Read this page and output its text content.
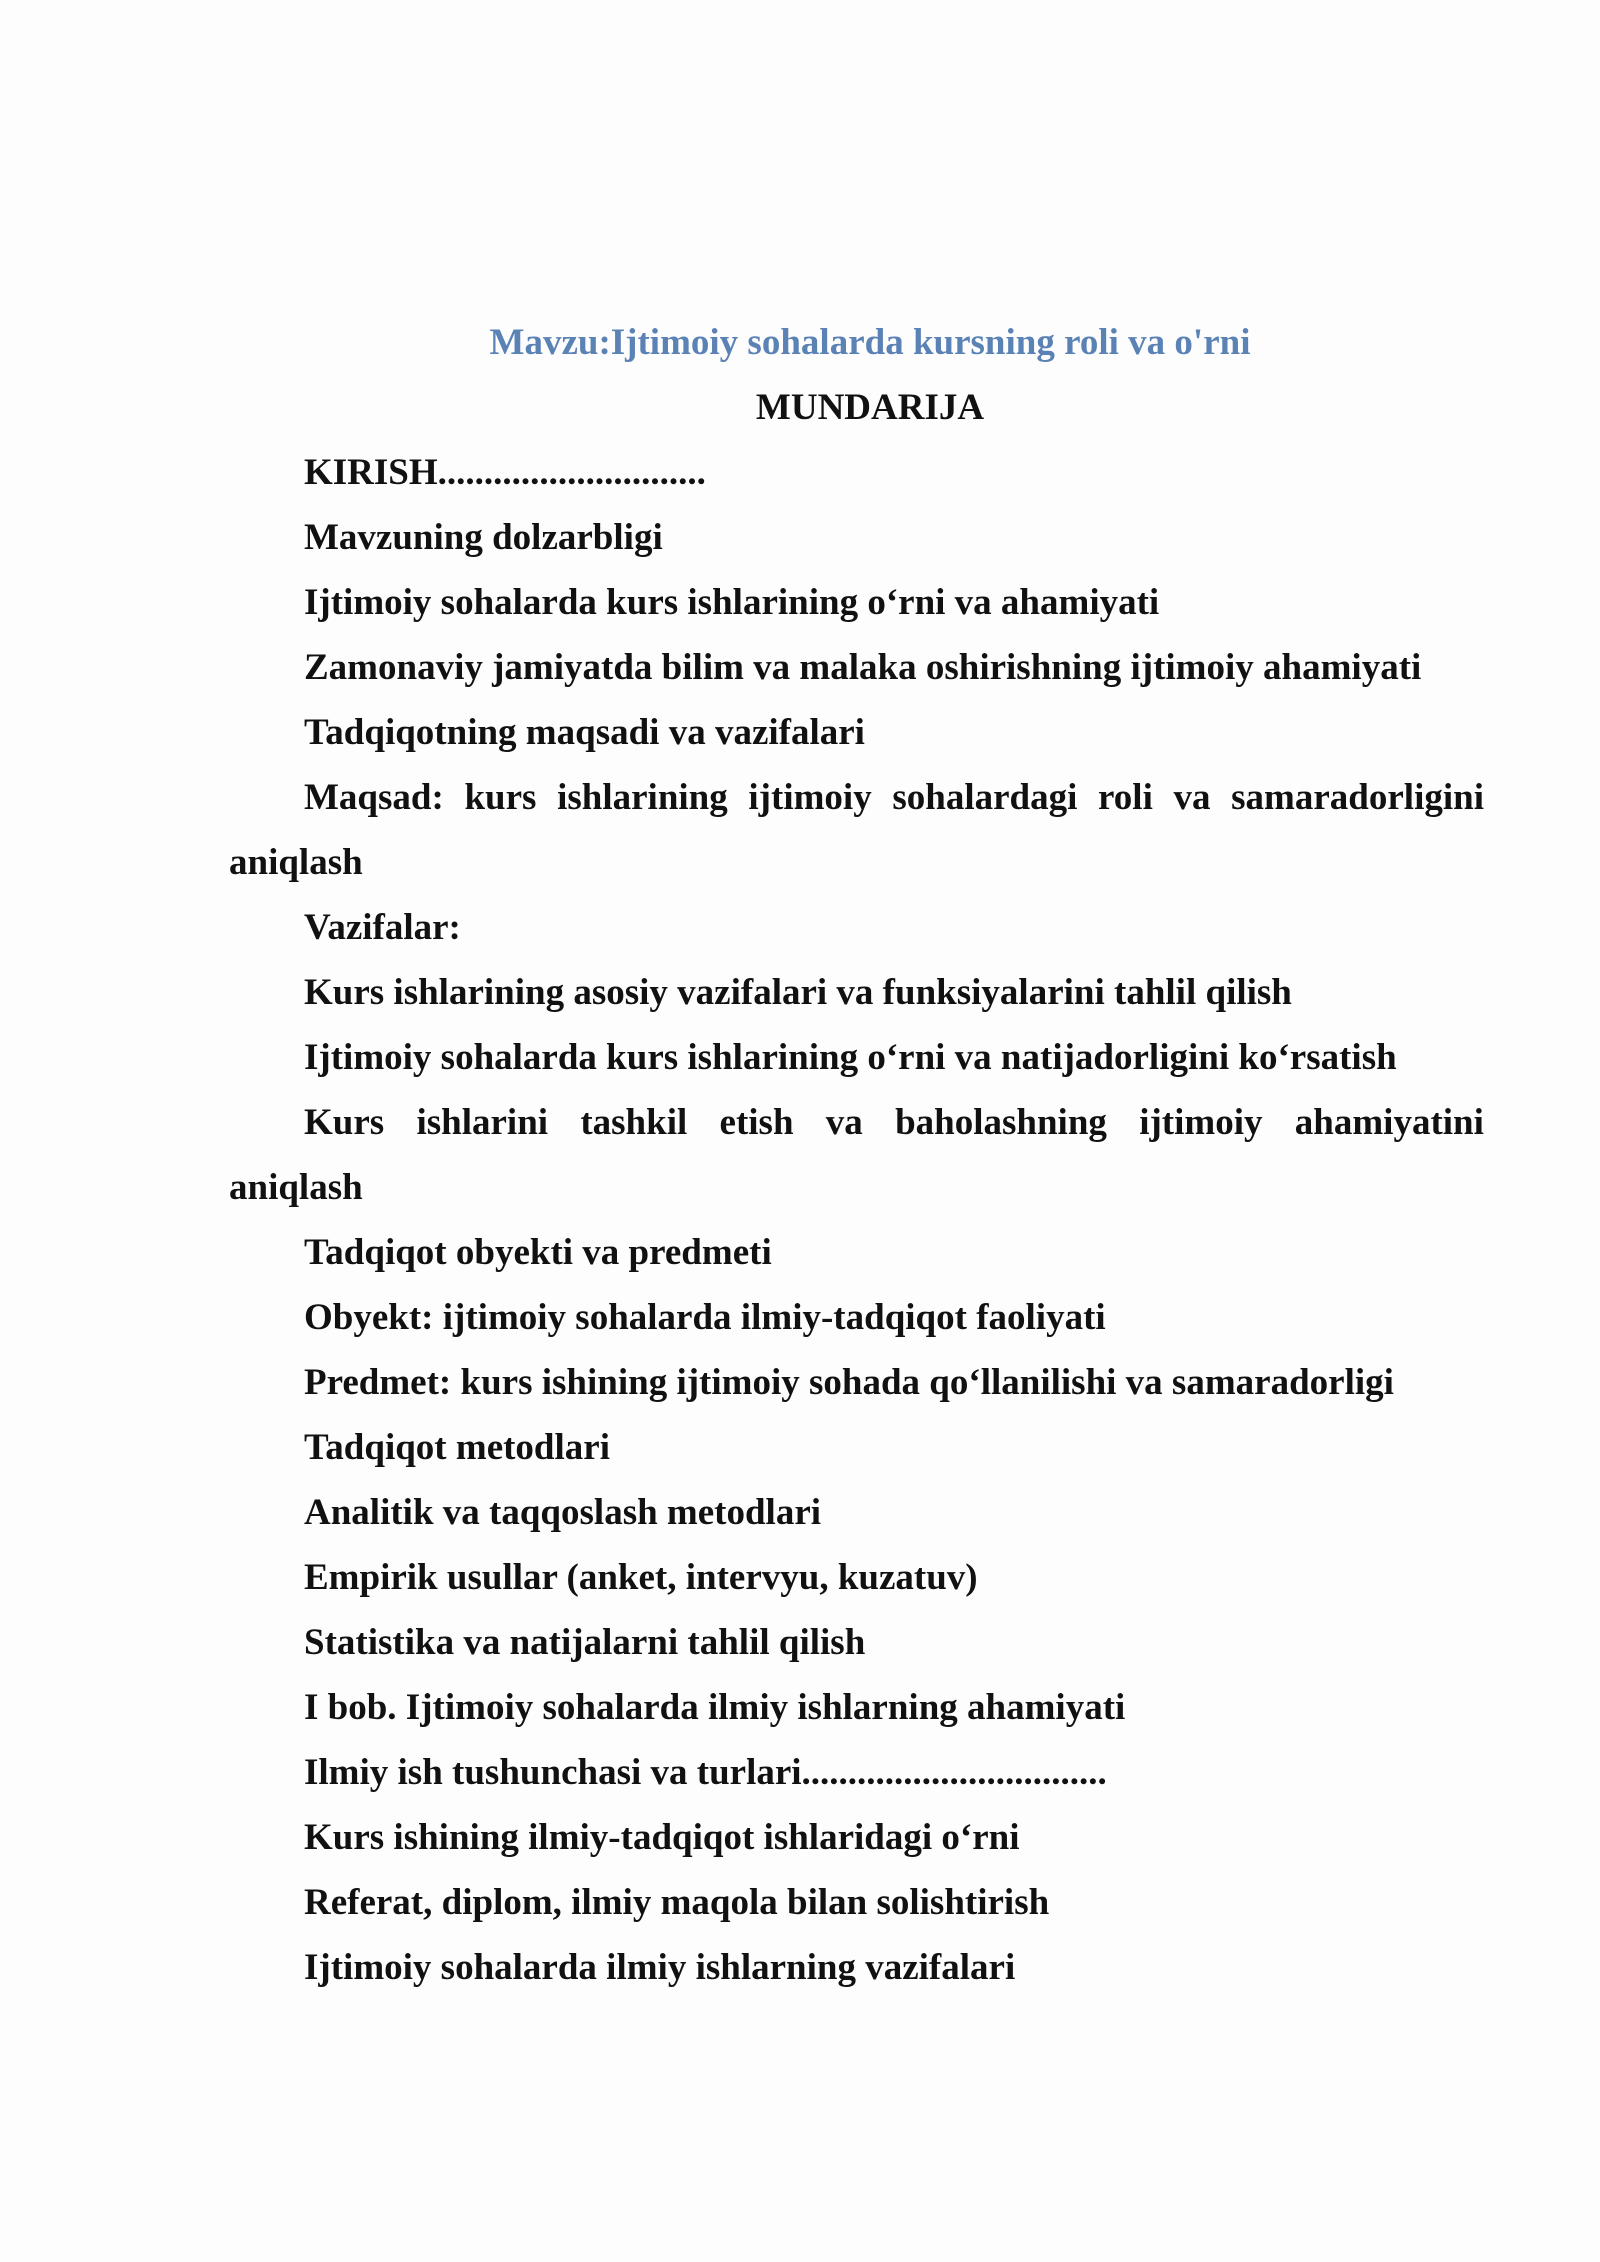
Mavzu:Ijtimoiy sohalarda kursning roli va o'rni
MUNDARIJA
KIRISH.............................
Mavzuning dolzarbligi
Ijtimoiy sohalarda kurs ishlarining o‘rni va ahamiyati
Zamonaviy jamiyatda bilim va malaka oshirishning ijtimoiy ahamiyati
Tadqiqotning maqsadi va vazifalari
Maqsad: kurs ishlarining ijtimoiy sohalardagi roli va samaradorligini
aniqlash
Vazifalar:
Kurs ishlarining asosiy vazifalari va funksiyalarini tahlil qilish
Ijtimoiy sohalarda kurs ishlarining o‘rni va natijadorligini ko‘rsatish
Kurs ishlarini tashkil etish va baholashning ijtimoiy ahamiyatini
aniqlash
Tadqiqot obyekti va predmeti
Obyekt: ijtimoiy sohalarda ilmiy-tadqiqot faoliyati
Predmet: kurs ishining ijtimoiy sohada qo‘llanilishi va samaradorligi
Tadqiqot metodlari
Analitik va taqqoslash metodlari
Empirik usullar (anket, intervyu, kuzatuv)
Statistika va natijalarni tahlil qilish
I bob. Ijtimoiy sohalarda ilmiy ishlarning ahamiyati
Ilmiy ish tushunchasi va turlari.................................
Kurs ishining ilmiy-tadqiqot ishlaridagi o‘rni
Referat, diplom, ilmiy maqola bilan solishtirish
Ijtimoiy sohalarda ilmiy ishlarning vazifalari
